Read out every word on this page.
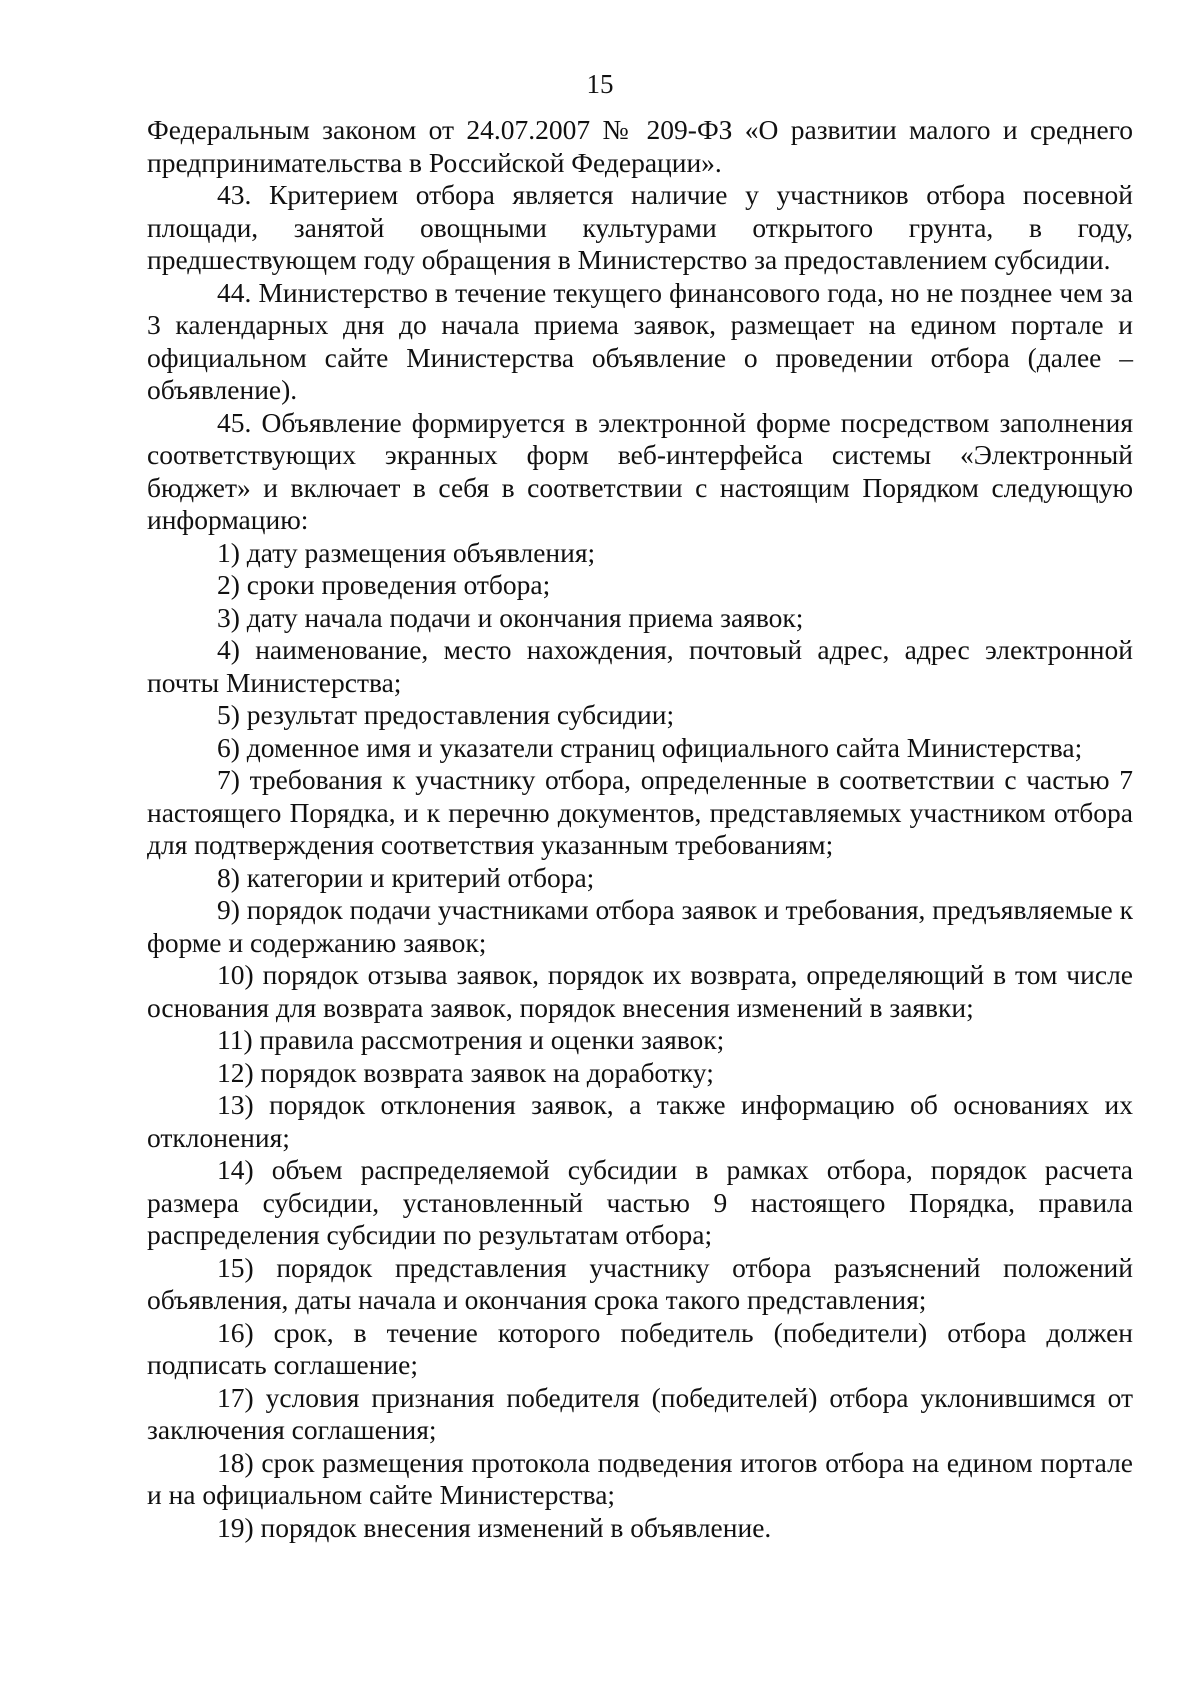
15

Федеральным законом от 24.07.2007 № 209-ФЗ «О развитии малого и среднего предпринимательства в Российской Федерации».

43. Критерием отбора является наличие у участников отбора посевной площади, занятой овощными культурами открытого грунта, в году, предшествующем году обращения в Министерство за предоставлением субсидии.

44. Министерство в течение текущего финансового года, но не позднее чем за 3 календарных дня до начала приема заявок, размещает на едином портале и официальном сайте Министерства объявление о проведении отбора (далее – объявление).

45. Объявление формируется в электронной форме посредством заполнения соответствующих экранных форм веб-интерфейса системы «Электронный бюджет» и включает в себя в соответствии с настоящим Порядком следующую информацию:

1) дату размещения объявления;

2) сроки проведения отбора;

3) дату начала подачи и окончания приема заявок;

4) наименование, место нахождения, почтовый адрес, адрес электронной почты Министерства;

5) результат предоставления субсидии;

6) доменное имя и указатели страниц официального сайта Министерства;

7) требования к участнику отбора, определенные в соответствии с частью 7 настоящего Порядка, и к перечню документов, представляемых участником отбора для подтверждения соответствия указанным требованиям;

8) категории и критерий отбора;

9) порядок подачи участниками отбора заявок и требования, предъявляемые к форме и содержанию заявок;

10) порядок отзыва заявок, порядок их возврата, определяющий в том числе основания для возврата заявок, порядок внесения изменений в заявки;

11) правила рассмотрения и оценки заявок;

12) порядок возврата заявок на доработку;

13) порядок отклонения заявок, а также информацию об основаниях их отклонения;

14) объем распределяемой субсидии в рамках отбора, порядок расчета размера субсидии, установленный частью 9 настоящего Порядка, правила распределения субсидии по результатам отбора;

15) порядок представления участнику отбора разъяснений положений объявления, даты начала и окончания срока такого представления;

16) срок, в течение которого победитель (победители) отбора должен подписать соглашение;

17) условия признания победителя (победителей) отбора уклонившимся от заключения соглашения;

18) срок размещения протокола подведения итогов отбора на едином портале и на официальном сайте Министерства;

19) порядок внесения изменений в объявление.
